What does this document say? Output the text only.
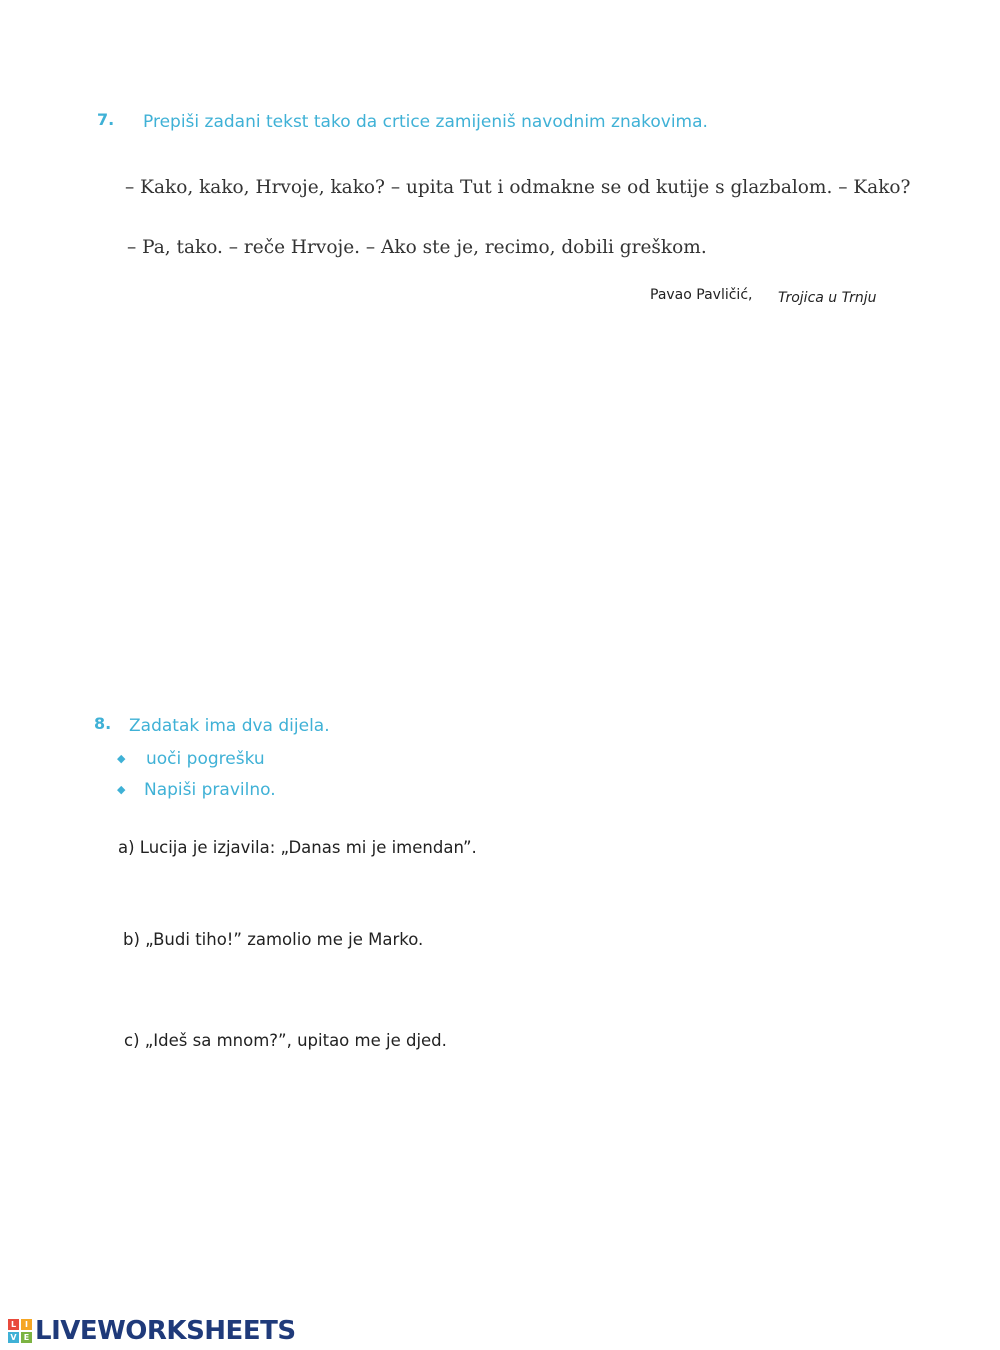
7. Prepiši zadani tekst tako da crtice zamijeniš navodnim znakovima.
– Kako, kako, Hrvoje, kako? – upita Tut i odmakne se od kutije s glazbalom. – Kako?
– Pa, tako. – reče Hrvoje. – Ako ste je, recimo, dobili greškom.
Pavao Pavličić, Trojica u Trnju
8. Zadatak ima dva dijela.
◆ uoči pogrešku
◆ Napiši pravilno.
a) Lucija je izjavila: „Danas mi je imendan”.
b) „Budi tiho!” zamolio me je Marko.
c) „Ideš sa mnom?”, upitao me je djed.
L	I
V E LIVEWORKSHEETS
